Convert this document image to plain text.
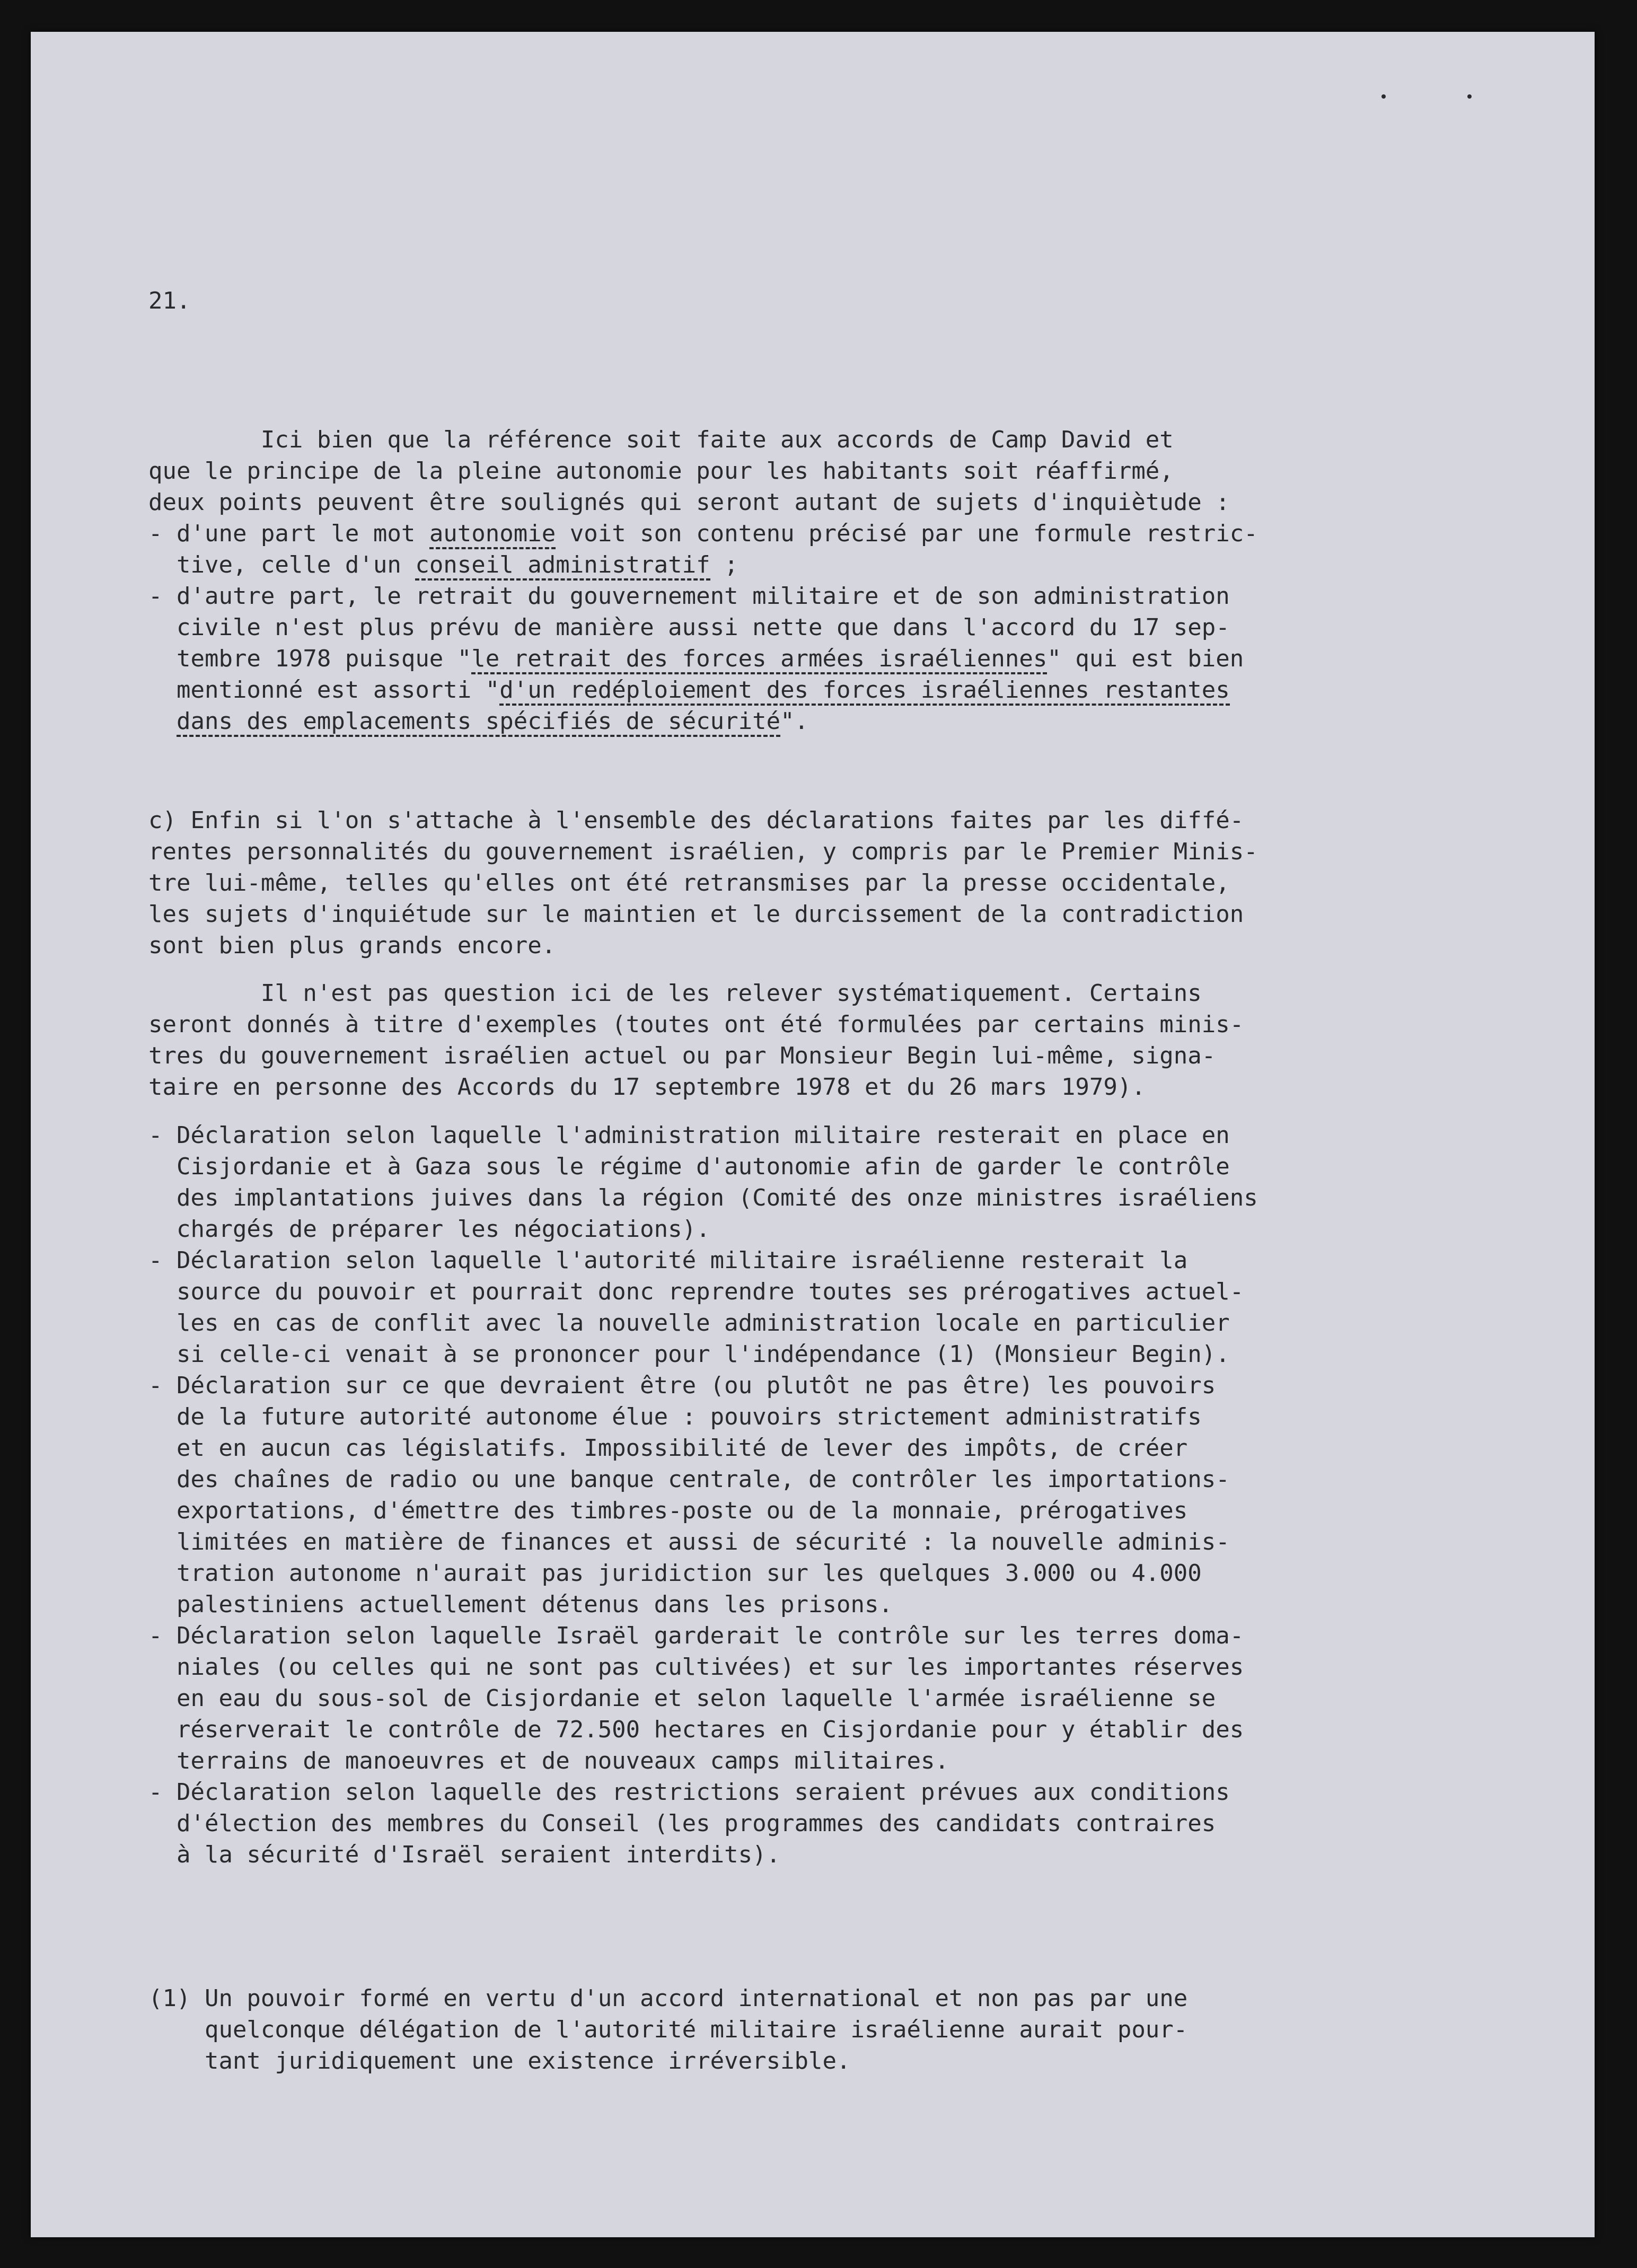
21.
Ici bien que la référence soit faite aux accords de Camp David et
que le principe de la pleine autonomie pour les habitants soit réaffirmé,
deux points peuvent être soulignés qui seront autant de sujets d'inquiètude :
- d'une part le mot autonomie voit son contenu précisé par une formule restric-
tive, celle d'un conseil administratif ;
- d'autre part, le retrait du gouvernement militaire et de son administration
civile n'est plus prévu de manière aussi nette que dans l'accord du 17 sep-
tembre 1978 puisque "le retrait des forces armées israéliennes" qui est bien
mentionné est assorti "d'un redéploiement des forces israéliennes restantes
dans des emplacements spécifiés de sécurité".
c) Enfin si l'on s'attache à l'ensemble des déclarations faites par les diffé-
rentes personnalités du gouvernement israélien, y compris par le Premier Minis-
tre lui-même, telles qu'elles ont été retransmises par la presse occidentale,
les sujets d'inquiétude sur le maintien et le durcissement de la contradiction
sont bien plus grands encore.
Il n'est pas question ici de les relever systématiquement. Certains
seront donnés à titre d'exemples (toutes ont été formulées par certains minis-
tres du gouvernement israélien actuel ou par Monsieur Begin lui-même, signa-
taire en personne des Accords du 17 septembre 1978 et du 26 mars 1979).
- Déclaration selon laquelle l'administration militaire resterait en place en
Cisjordanie et à Gaza sous le régime d'autonomie afin de garder le contrôle
des implantations juives dans la région (Comité des onze ministres israéliens
chargés de préparer les négociations).
- Déclaration selon laquelle l'autorité militaire israélienne resterait la
source du pouvoir et pourrait donc reprendre toutes ses prérogatives actuel-
les en cas de conflit avec la nouvelle administration locale en particulier
si celle-ci venait à se prononcer pour l'indépendance (1) (Monsieur Begin).
- Déclaration sur ce que devraient être (ou plutôt ne pas être) les pouvoirs
de la future autorité autonome élue : pouvoirs strictement administratifs
et en aucun cas législatifs. Impossibilité de lever des impôts, de créer
des chaînes de radio ou une banque centrale, de contrôler les importations-
exportations, d'émettre des timbres-poste ou de la monnaie, prérogatives
limitées en matière de finances et aussi de sécurité : la nouvelle adminis-
tration autonome n'aurait pas juridiction sur les quelques 3.000 ou 4.000
palestiniens actuellement détenus dans les prisons.
- Déclaration selon laquelle Israël garderait le contrôle sur les terres doma-
niales (ou celles qui ne sont pas cultivées) et sur les importantes réserves
en eau du sous-sol de Cisjordanie et selon laquelle l'armée israélienne se
réserverait le contrôle de 72.500 hectares en Cisjordanie pour y établir des
terrains de manoeuvres et de nouveaux camps militaires.
- Déclaration selon laquelle des restrictions seraient prévues aux conditions
d'élection des membres du Conseil (les programmes des candidats contraires
à la sécurité d'Israël seraient interdits).
(1) Un pouvoir formé en vertu d'un accord international et non pas par une
quelconque délégation de l'autorité militaire israélienne aurait pour-
tant juridiquement une existence irréversible.
